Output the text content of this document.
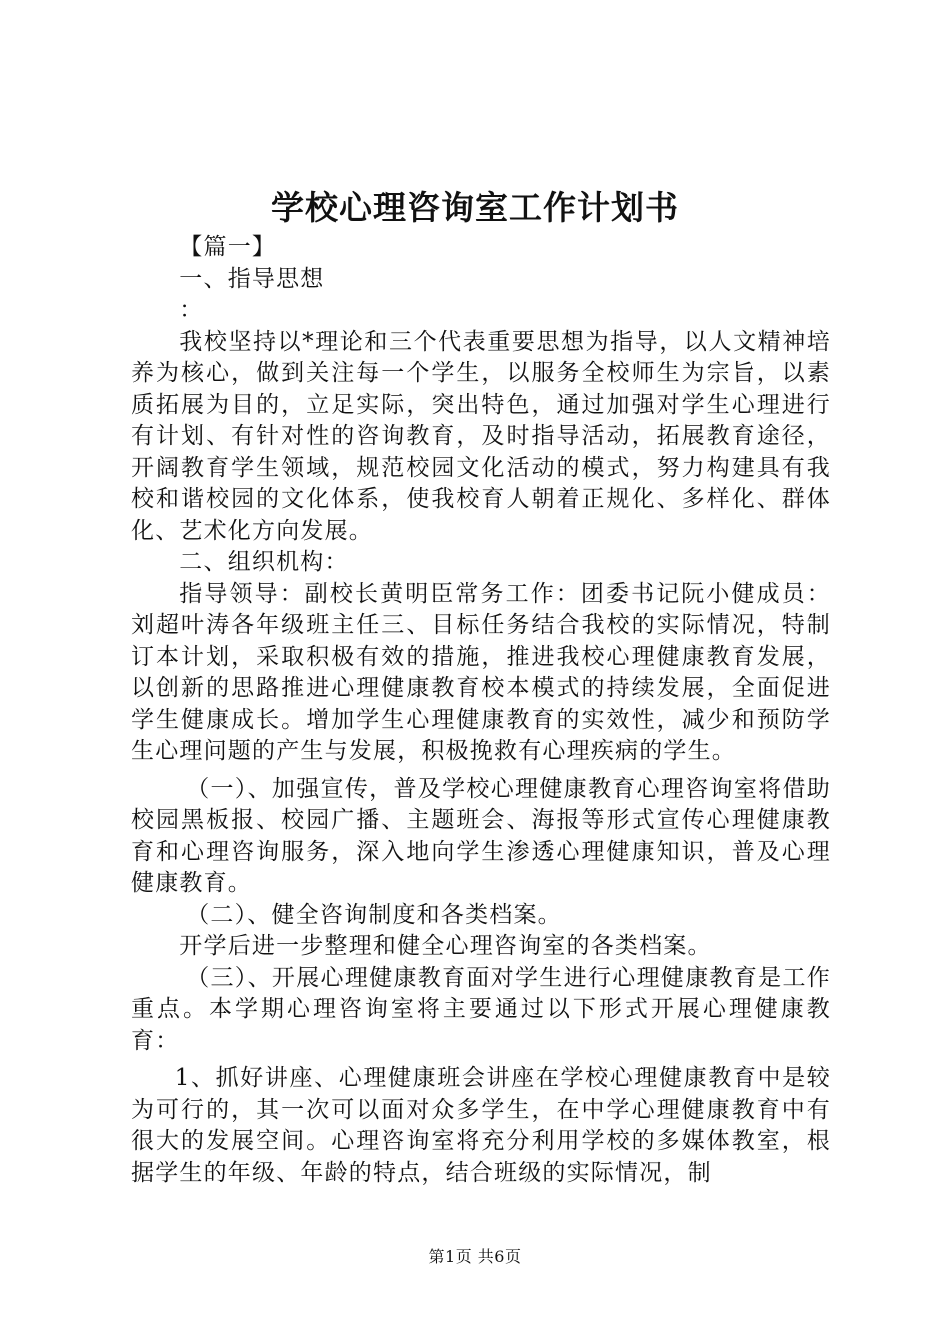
学校心理咨询室工作计划书

【篇一】

一、指导思想

：

我校坚持以*理论和三个代表重要思想为指导，以人文精神培养为核心，做到关注每一个学生，以服务全校师生为宗旨，以素质拓展为目的，立足实际，突出特色，通过加强对学生心理进行有计划、有针对性的咨询教育，及时指导活动，拓展教育途径，开阔教育学生领域，规范校园文化活动的模式，努力构建具有我校和谐校园的文化体系，使我校育人朝着正规化、多样化、群体化、艺术化方向发展。

二、组织机构：

指导领导：副校长黄明臣常务工作：团委书记阮小健成员：刘超叶涛各年级班主任三、目标任务结合我校的实际情况，特制订本计划，采取积极有效的措施，推进我校心理健康教育发展，以创新的思路推进心理健康教育校本模式的持续发展，全面促进学生健康成长。增加学生心理健康教育的实效性，减少和预防学生心理问题的产生与发展，积极挽救有心理疾病的学生。

（一）、加强宣传，普及学校心理健康教育心理咨询室将借助校园黑板报、校园广播、主题班会、海报等形式宣传心理健康教育和心理咨询服务，深入地向学生渗透心理健康知识，普及心理健康教育。

（二）、健全咨询制度和各类档案。

开学后进一步整理和健全心理咨询室的各类档案。

（三）、开展心理健康教育面对学生进行心理健康教育是工作重点。本学期心理咨询室将主要通过以下形式开展心理健康教育：

1、抓好讲座、心理健康班会讲座在学校心理健康教育中是较为可行的，其一次可以面对众多学生，在中学心理健康教育中有很大的发展空间。心理咨询室将充分利用学校的多媒体教室，根据学生的年级、年龄的特点，结合班级的实际情况，制

第1页 共6页
